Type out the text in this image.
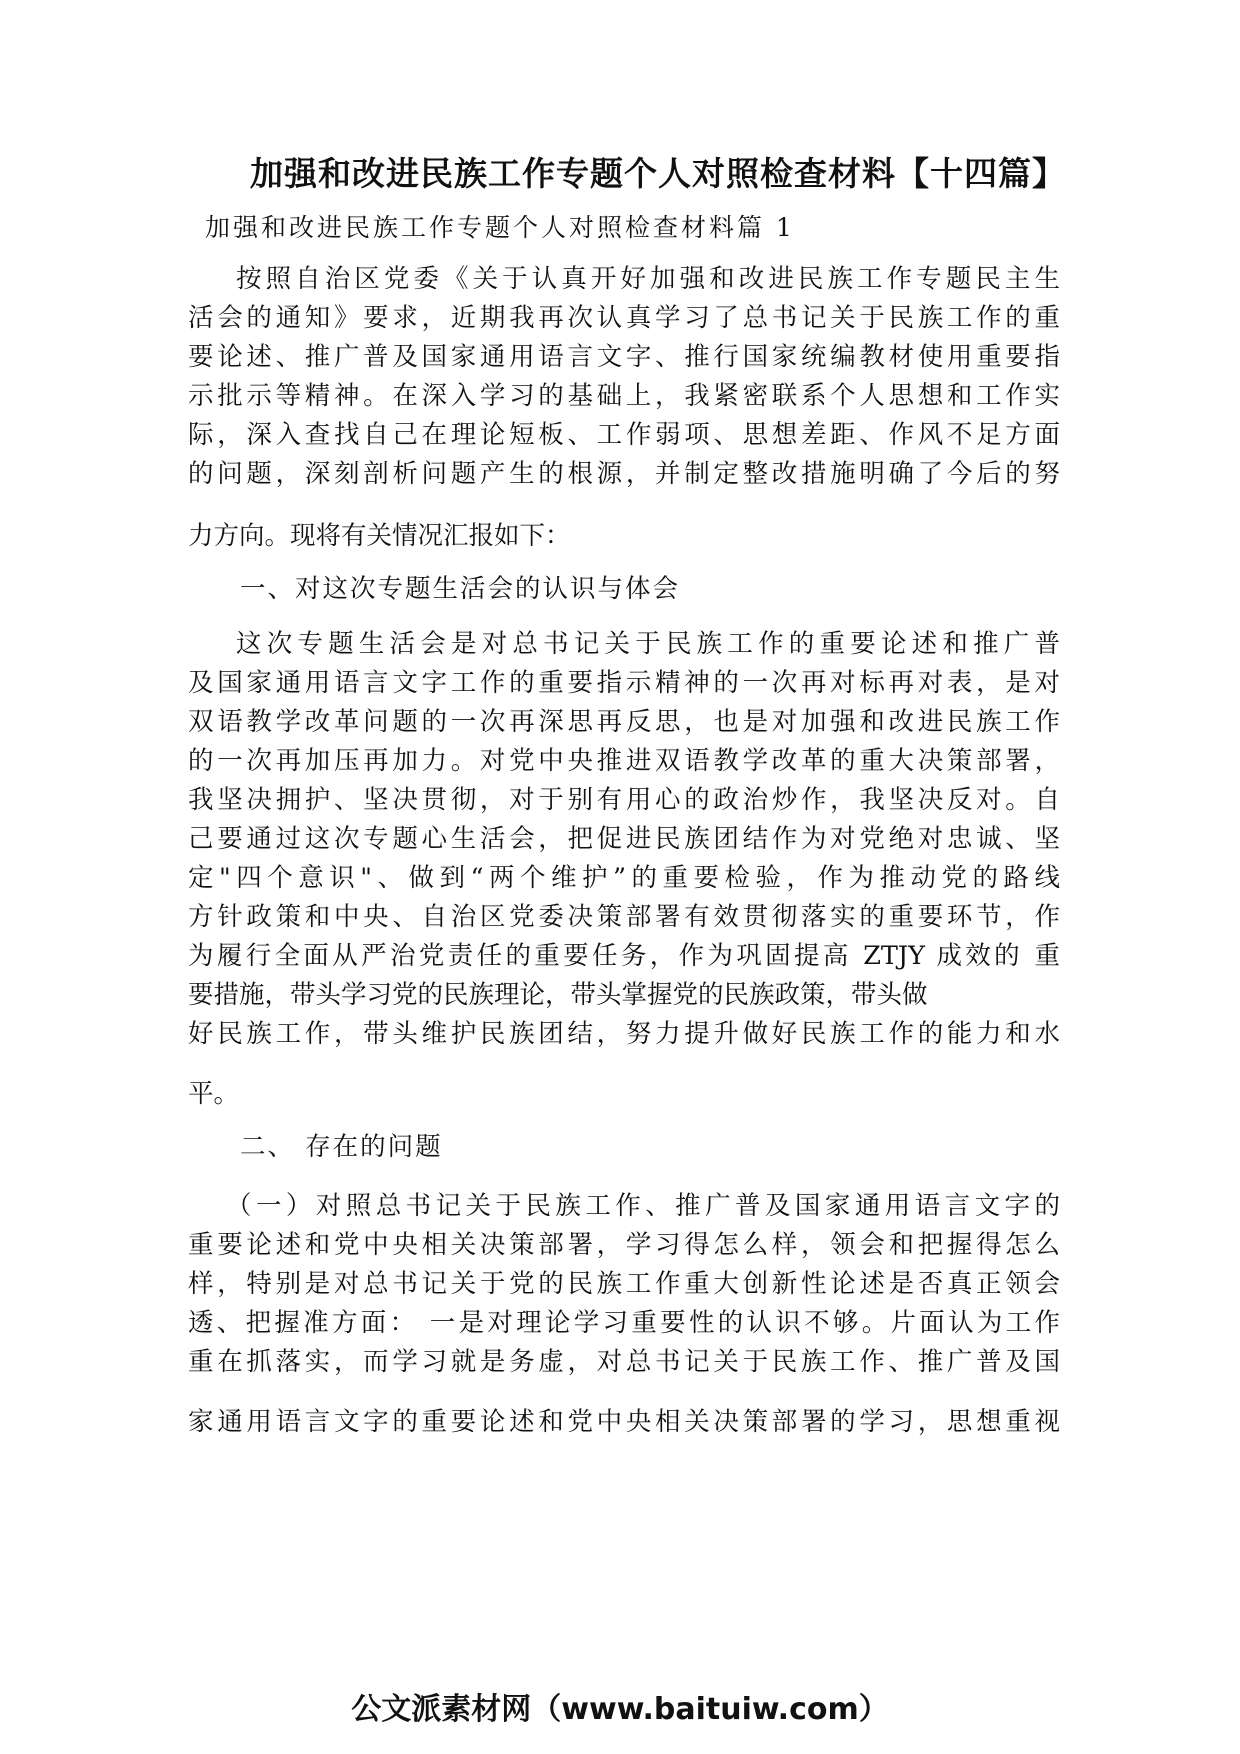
加强和改进民族工作专题个人对照检查材料【十四篇】
加强和改进民族工作专题个人对照检查材料篇 1
按照自治区党委《关于认真开好加强和改进民族工作专题民主生
活会的通知》要求，近期我再次认真学习了总书记关于民族工作的重
要论述、推广普及国家通用语言文字、推行国家统编教材使用重要指
示批示等精神。在深入学习的基础上，我紧密联系个人思想和工作实
际，深入查找自己在理论短板、工作弱项、思想差距、作风不足方面
的问题，深刻剖析问题产生的根源，并制定整改措施明确了今后的努
力方向。现将有关情况汇报如下：
一、对这次专题生活会的认识与体会
这次专题生活会是对总书记关于民族工作的重要论述和推广普
及国家通用语言文字工作的重要指示精神的一次再对标再对表，是对
双语教学改革问题的一次再深思再反思，也是对加强和改进民族工作
的一次再加压再加力。对党中央推进双语教学改革的重大决策部署，
我坚决拥护、坚决贯彻，对于别有用心的政治炒作，我坚决反对。自
己要通过这次专题心生活会，把促进民族团结作为对党绝对忠诚、坚
定"四个意识"、做到“两个维护”的重要检验，作为推动党的路线
方针政策和中央、自治区党委决策部署有效贯彻落实的重要环节，作
为履行全面从严治党责任的重要任务，作为巩固提高 ZTJY 成效的 重
要措施，带头学习党的民族理论，带头掌握党的民族政策，带头做
好民族工作，带头维护民族团结，努力提升做好民族工作的能力和水
平。
二、 存在的问题
（一）对照总书记关于民族工作、推广普及国家通用语言文字的
重要论述和党中央相关决策部署，学习得怎么样，领会和把握得怎么
样，特别是对总书记关于党的民族工作重大创新性论述是否真正领会
透、把握准方面： 一是对理论学习重要性的认识不够。片面认为工作
重在抓落实，而学习就是务虚，对总书记关于民族工作、推广普及国
家通用语言文字的重要论述和党中央相关决策部署的学习，思想重视
公文派素材网（www.baituiw.com）
